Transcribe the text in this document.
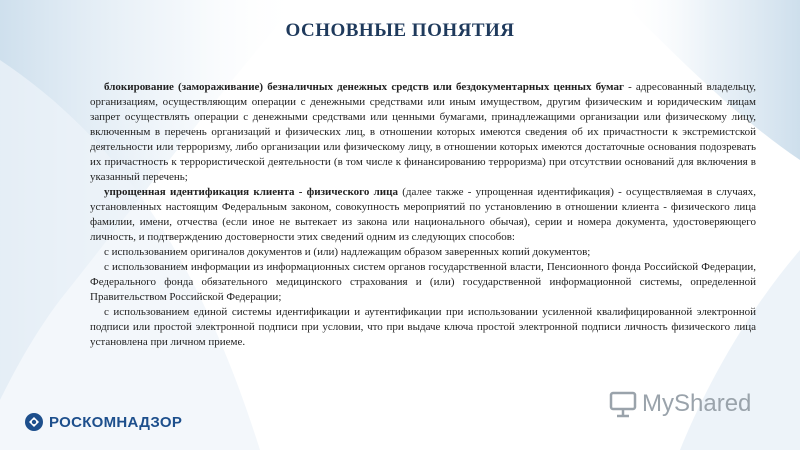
ОСНОВНЫЕ ПОНЯТИЯ

блокирование (замораживание) безналичных денежных средств или бездокументарных ценных бумаг - адресованный владельцу, организациям, осуществляющим операции с денежными средствами или иным имуществом, другим физическим и юридическим лицам запрет осуществлять операции с денежными средствами или ценными бумагами, принадлежащими организации или физическому лицу, включенным в перечень организаций и физических лиц, в отношении которых имеются сведения об их причастности к экстремистской деятельности или терроризму, либо организации или физическому лицу, в отношении которых имеются достаточные основания подозревать их причастность к террористической деятельности (в том числе к финансированию терроризма) при отсутствии оснований для включения в указанный перечень;

упрощенная идентификация клиента - физического лица (далее также - упрощенная идентификация) - осуществляемая в случаях, установленных настоящим Федеральным законом, совокупность мероприятий по установлению в отношении клиента - физического лица фамилии, имени, отчества (если иное не вытекает из закона или национального обычая), серии и номера документа, удостоверяющего личность, и подтверждению достоверности этих сведений одним из следующих способов:

с использованием оригиналов документов и (или) надлежащим образом заверенных копий документов;

с использованием информации из информационных систем органов государственной власти, Пенсионного фонда Российской Федерации, Федерального фонда обязательного медицинского страхования и (или) государственной информационной системы, определенной Правительством Российской Федерации;

с использованием единой системы идентификации и аутентификации при использовании усиленной квалифицированной электронной подписи или простой электронной подписи при условии, что при выдаче ключа простой электронной подписи личность физического лица установлена при личном приеме.

РОСКОМНАДЗОР
MyShared
